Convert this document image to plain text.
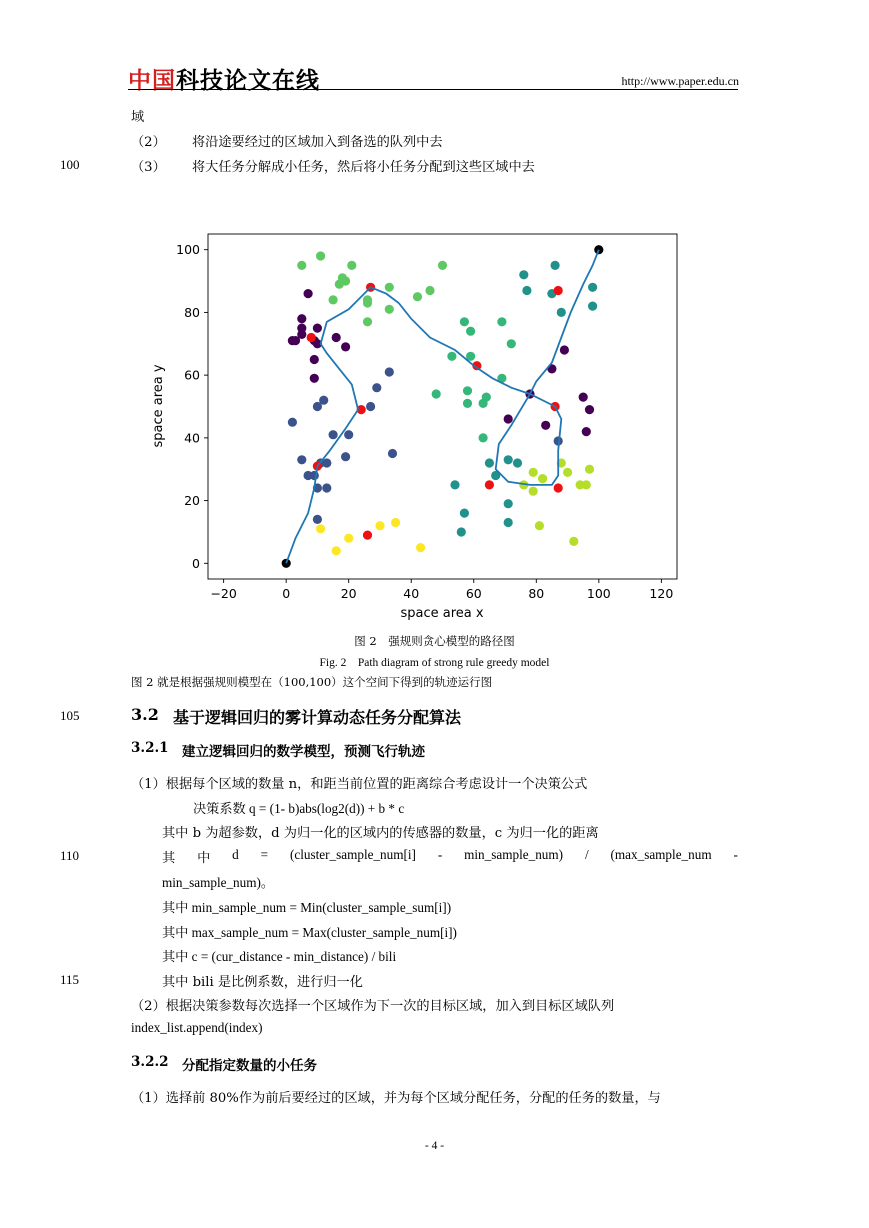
中国科技论文在线	http://www.paper.edu.cn
域
（2） 将沿途要经过的区域加入到备选的队列中去
100	（3） 将大任务分解成小任务，然后将小任务分配到这些区域中去
−20	0	20	40	60	80	100	120
0
20
40
60
80
100
space area x
space area y
图 2　强规则贪心模型的路径图
Fig. 2　Path diagram of strong rule greedy model
图 2 就是根据强规则模型在（100,100）这个空间下得到的轨迹运行图
105	3.2 基于逻辑回归的雾计算动态任务分配算法
3.2.1 建立逻辑回归的数学模型，预测飞行轨迹
（1）根据每个区域的数量 n，和距当前位置的距离综合考虑设计一个决策公式
决策系数 q = (1- b)abs(log2(d)) + b * c
其中 b 为超参数，d 为归一化的区域内的传感器的数量，c 为归一化的距离
110	其 中 d = (cluster_sample_num[i] - min_sample_num) / (max_sample_num -
min_sample_num)。
其中 min_sample_num = Min(cluster_sample_sum[i])
其中 max_sample_num = Max(cluster_sample_num[i])
其中 c = (cur_distance - min_distance) / bili
115	其中 bili 是比例系数，进行归一化
（2）根据决策参数每次选择一个区域作为下一次的目标区域，加入到目标区域队列
index_list.append(index)
3.2.2 分配指定数量的小任务
（1）选择前 80%作为前后要经过的区域，并为每个区域分配任务，分配的任务的数量，与
- 4 -
